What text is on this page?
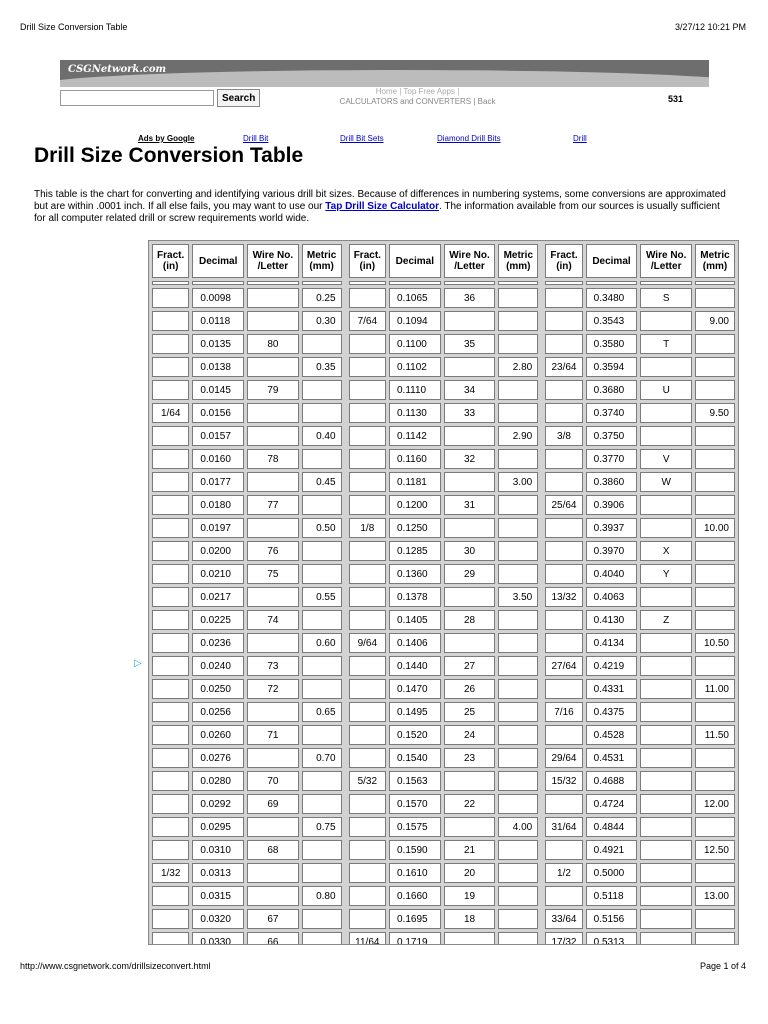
Drill Size Conversion Table	3/27/12 10:21 PM
CSGNetwork.com
Search
Home | Top Free Apps |
CALCULATORS and CONVERTERS | Back	531
Ads by Google	Drill Bit	Drill Bit Sets	Diamond Drill Bits	Drill
Drill Size Conversion Table

This table is the chart for converting and identifying various drill bit sizes. Because of differences in numbering systems, some conversions are approximated but are within .0001 inch. If all else fails, you may want to use our Tap Drill Size Calculator. The information available from our sources is usually sufficient for all computer related drill or screw requirements world wide.

▷
Fract. (in)	Decimal	Wire No. /Letter	Metric (mm)		Fract. (in)	Decimal	Wire No. /Letter	Metric (mm)		Fract. (in)	Decimal	Wire No. /Letter	Metric (mm)

	0.0098		0.25			0.1065	36				0.3480	S	
	0.0118		0.30		7/64	0.1094					0.3543		9.00
	0.0135	80				0.1100	35				0.3580	T	
	0.0138		0.35			0.1102		2.80		23/64	0.3594		
	0.0145	79				0.1110	34				0.3680	U	
1/64	0.0156					0.1130	33				0.3740		9.50
	0.0157		0.40			0.1142		2.90		3/8	0.3750		
	0.0160	78				0.1160	32				0.3770	V	
	0.0177		0.45			0.1181		3.00			0.3860	W	
	0.0180	77				0.1200	31			25/64	0.3906		
	0.0197		0.50		1/8	0.1250					0.3937		10.00
	0.0200	76				0.1285	30				0.3970	X	
	0.0210	75				0.1360	29				0.4040	Y	
	0.0217		0.55			0.1378		3.50		13/32	0.4063		
	0.0225	74				0.1405	28				0.4130	Z	
	0.0236		0.60		9/64	0.1406					0.4134		10.50
	0.0240	73				0.1440	27			27/64	0.4219		
	0.0250	72				0.1470	26				0.4331		11.00
	0.0256		0.65			0.1495	25			7/16	0.4375		
	0.0260	71				0.1520	24				0.4528		11.50
	0.0276		0.70			0.1540	23			29/64	0.4531		
	0.0280	70			5/32	0.1563				15/32	0.4688		
	0.0292	69				0.1570	22				0.4724		12.00
	0.0295		0.75			0.1575		4.00		31/64	0.4844		
	0.0310	68				0.1590	21				0.4921		12.50
1/32	0.0313					0.1610	20			1/2	0.5000		
	0.0315		0.80			0.1660	19				0.5118		13.00
	0.0320	67				0.1695	18			33/64	0.5156		
	0.0330	66			11/64	0.1719				17/32	0.5313		
http://www.csgnetwork.com/drillsizeconvert.html	Page 1 of 4
